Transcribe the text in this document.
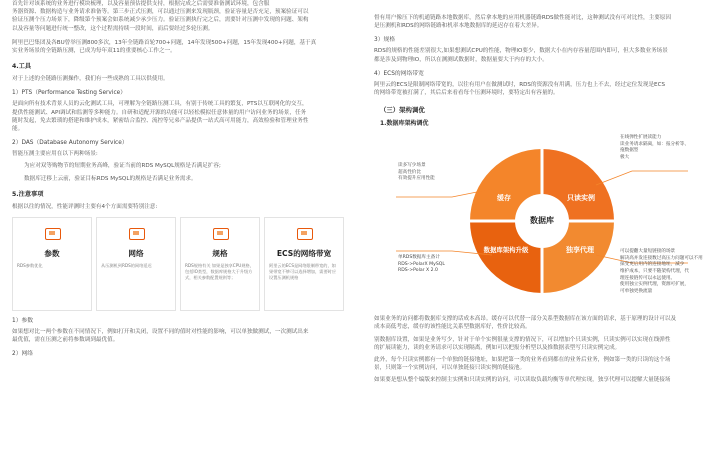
首先针对该系统的业务进行模块梳理，以及容量预估提供支持，根据完成之后需要准备测试环境，包含服

务器资源、数据构造与业务请求准备等。第三步正式压测，可以通过压测来发现瓶颈，验证容量是否充足，预案验证可以

验证压测个压力场景下，降级第个预案会如系统减少承少压力。验证压测执行完之后，需要针对压测中发现的问题、架构

以及容量等问题进行统一整改，这个过程需持续一段时间，而后要经过多轮压测。

阿里巴巴集团及各BU曾举压测800多次，13年全链路首轮700+问题，14年发现500+问题，15年发现400+问题，基于真

实业务场景的全链路压测，已成为每年双11的重要核心工作之一。

4.工具

对于上述的全链路压测操作，我们有一些成熟的工具以供使用。

1）PTS（Performance Testing Service）

是面向所有技术背景人员的云化测试工具，可理解为全链路压测工具，有别于传统工具的繁复，PTS以互联网化的交互，

提供性能测试、API调试和监测等多种能力。自研和适配开源的功能可以轻松模拟任意体量的用户访问业务的场景，任务

随时发起，免去繁琐的搭建和维护成本，紧密结合监控、流控等兄弟产品提供一站式高可用能力，高效检验和管理业务性

能。

2）DAS（Database Autonomy Service）

智能压测主要应用在以下两种场景:

为应对双等购物节的短期业务高峰，验证当前的RDS MySQL规格是否满足扩容;

数据库迁移上云前，验证目标RDS MySQL的规格是否满足业务需求。

5.注意事项

根据以往的情况，性能评测时主要有4个方面需要特别注意:

参数
RDS参数优化
网络
从压测机到RDS的网络延迟
规格
RDS规格有关 如果是独享CPU规格，包括IO类型，数据库规格大于升级方式，相关参数配置规则等；
ECS的网络带宽
阿里云的ECS是网络限制带宽的，如果带宽不够可以选择增加，需要时应设置压测机规格
1）参数

如果想对比一两个参数在不同情况下，例如打开和关闭，设置不同的值时对性能的影响，可以单独做测试，一次测试出来

最优值，需在压测之前将参数调到最优值。

2）网络

督有用户像压下的机通链路本地数据库，然后拿本地的应用机器链路RDS做性能对比，这种测试没有可对比性，主要原因

是压测机和RDS的网络链路和机率本地数据库的延迟存在着大差异。

3）规格

RDS的规格的性能差别很大,如果想测试CPU的性能，物理IO要少，数据大小在内存容量范围内即可，但大多数业务场景

都是涉及到物理IO，所以在测测试数据时，数据量要大于内存的大小。

4）ECS的网络带宽

阿里云的ECS是限制网络带宽的，以往有用户在做测试时，RDS的资源没有用满，压力也上不去，经过定位发现是ECS

的网络带宽被打满了，其后后来看看每个压测环境时，要特定出有容量的。

（三）架构调优
1.数据库架构调优
缓存	只读实例
数据库架构升级	独享代理
数据库
读多写少场景
超高性价比
有效提升应用性能
在线弹性扩展读能力
读业务请求隔离，如：报分析等、
拖数据型
极大
单RDS数据库主备计
RDS->PolarX MySQL
RDS->Polar X 2.0
可以提翻大量短链接的场景
解决高并发连接数过高压力问题可以不用
探变更后用内的连接地址，减少
维护成本，只要不随架构代理，代
理连接链传可以永远使用。
使用独立实例代理，资源可扩展，
可单独更换流量

如果业务的访问都将数据库支撑的话成本高昂。缓存可以代替一部分关系型数据库在该方面的请求，基于原理的设计可以及

成本高低考虑，缓存的该性能比关系型数据库好，性价比较高。

别数据库设置，如果是业务写少，针对于单个实例很量支撑的情况下，可以增加个只读实例，只读实例可以实现在线弹性

的扩展读能力，读的业务请求可以实现隔离，例如可以把报分析型以及推数据表型写只读实例完成。

此外，每个只读实例都有一个单独的链接地址，如果把第一类的业务看到都在的业务后业务，例如第一类的只读的这个场

景，只则第一个实例访问，可以单独链接只读实例的链接池。

如果要是想从整个编版来控制主实例和只读实例的访问，可以读取负载均衡等单代理实现，独享代理可以提解大量链接场
